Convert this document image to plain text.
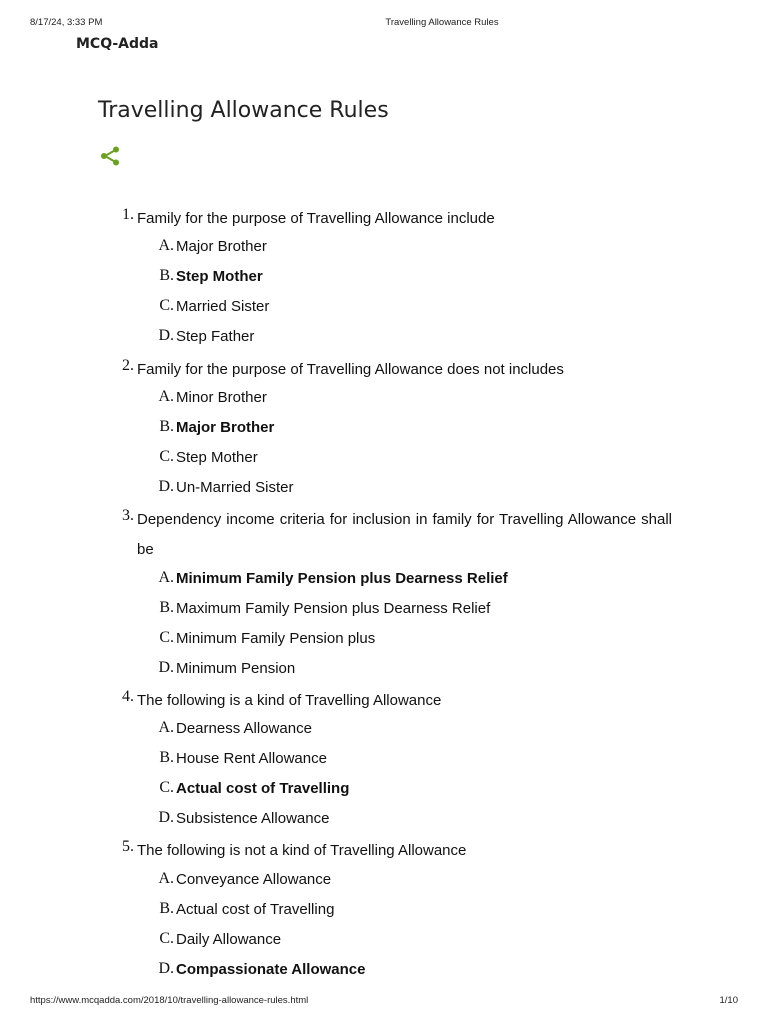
8/17/24, 3:33 PM	Travelling Allowance Rules
MCQ-Adda
Travelling Allowance Rules
1. Family for the purpose of Travelling Allowance include
A. Major Brother
B. Step Mother
C. Married Sister
D. Step Father
2. Family for the purpose of Travelling Allowance does not includes
A. Minor Brother
B. Major Brother
C. Step Mother
D. Un-Married Sister
3. Dependency income criteria for inclusion in family for Travelling Allowance shall be
A. Minimum Family Pension plus Dearness Relief
B. Maximum Family Pension plus Dearness Relief
C. Minimum Family Pension plus
D. Minimum Pension
4. The following is a kind of Travelling Allowance
A. Dearness Allowance
B. House Rent Allowance
C. Actual cost of Travelling
D. Subsistence Allowance
5. The following is not a kind of Travelling Allowance
A. Conveyance Allowance
B. Actual cost of Travelling
C. Daily Allowance
D. Compassionate Allowance
https://www.mcqadda.com/2018/10/travelling-allowance-rules.html	1/10
